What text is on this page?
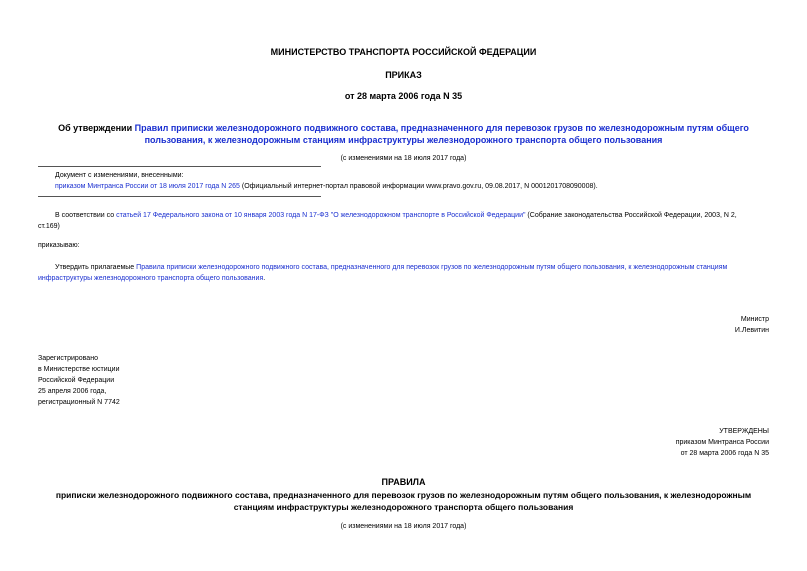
МИНИСТЕРСТВО ТРАНСПОРТА РОССИЙСКОЙ ФЕДЕРАЦИИ
ПРИКАЗ
от 28 марта 2006 года N 35
Об утверждении Правил приписки железнодорожного подвижного состава, предназначенного для перевозок грузов по железнодорожным путям общего
пользования, к железнодорожным станциям инфраструктуры железнодорожного транспорта общего пользования
(с изменениями на 18 июля 2017 года)
Документ с изменениями, внесенными:
приказом Минтранса России от 18 июля 2017 года N 265 (Официальный интернет-портал правовой информации www.pravo.gov.ru, 09.08.2017, N 0001201708090008).
В соответствии со статьей 17 Федерального закона от 10 января 2003 года N 17-ФЗ "О железнодорожном транспорте в Российской Федерации" (Собрание законодательства Российской Федерации, 2003, N 2,
ст.169)
приказываю:
Утвердить прилагаемые Правила приписки железнодорожного подвижного состава, предназначенного для перевозок грузов по железнодорожным путям общего пользования, к железнодорожным станциям
инфраструктуры железнодорожного транспорта общего пользования.
Министр
И.Левитин
Зарегистрировано
в Министерстве юстиции
Российской Федерации
25 апреля 2006 года,
регистрационный N 7742
УТВЕРЖДЕНЫ
приказом Минтранса России
от 28 марта 2006 года N 35
ПРАВИЛА
приписки железнодорожного подвижного состава, предназначенного для перевозок грузов по железнодорожным путям общего пользования, к железнодорожным
станциям инфраструктуры железнодорожного транспорта общего пользования
(с изменениями на 18 июля 2017 года)
